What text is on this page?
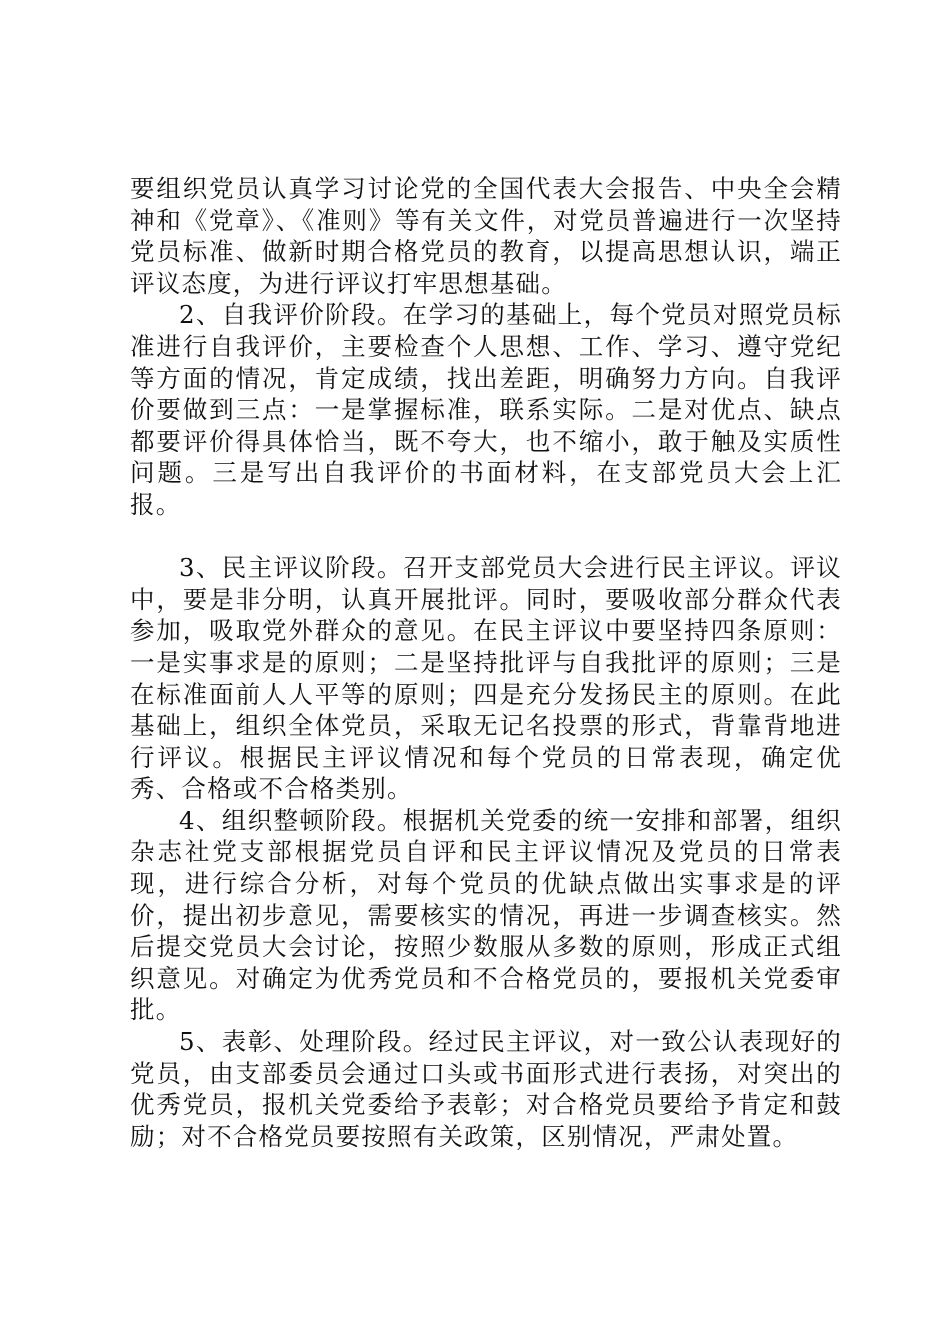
要组织党员认真学习讨论党的全国代表大会报告、中央全会精神和《党章》、《准则》等有关文件，对党员普遍进行一次坚持党员标准、做新时期合格党员的教育，以提高思想认识，端正评议态度，为进行评议打牢思想基础。

2、自我评价阶段。在学习的基础上，每个党员对照党员标准进行自我评价，主要检查个人思想、工作、学习、遵守党纪等方面的情况，肯定成绩，找出差距，明确努力方向。自我评价要做到三点：一是掌握标准，联系实际。二是对优点、缺点都要评价得具体恰当，既不夸大，也不缩小，敢于触及实质性问题。三是写出自我评价的书面材料，在支部党员大会上汇报。

3、民主评议阶段。召开支部党员大会进行民主评议。评议中，要是非分明，认真开展批评。同时，要吸收部分群众代表参加，吸取党外群众的意见。在民主评议中要坚持四条原则：一是实事求是的原则；二是坚持批评与自我批评的原则；三是在标准面前人人平等的原则；四是充分发扬民主的原则。在此基础上，组织全体党员，采取无记名投票的形式，背靠背地进行评议。根据民主评议情况和每个党员的日常表现，确定优秀、合格或不合格类别。

4、组织整顿阶段。根据机关党委的统一安排和部署，组织杂志社党支部根据党员自评和民主评议情况及党员的日常表现，进行综合分析，对每个党员的优缺点做出实事求是的评价，提出初步意见，需要核实的情况，再进一步调查核实。然后提交党员大会讨论，按照少数服从多数的原则，形成正式组织意见。对确定为优秀党员和不合格党员的，要报机关党委审批。

5、表彰、处理阶段。经过民主评议，对一致公认表现好的党员，由支部委员会通过口头或书面形式进行表扬，对突出的优秀党员，报机关党委给予表彰；对合格党员要给予肯定和鼓励；对不合格党员要按照有关政策，区别情况，严肃处置。
